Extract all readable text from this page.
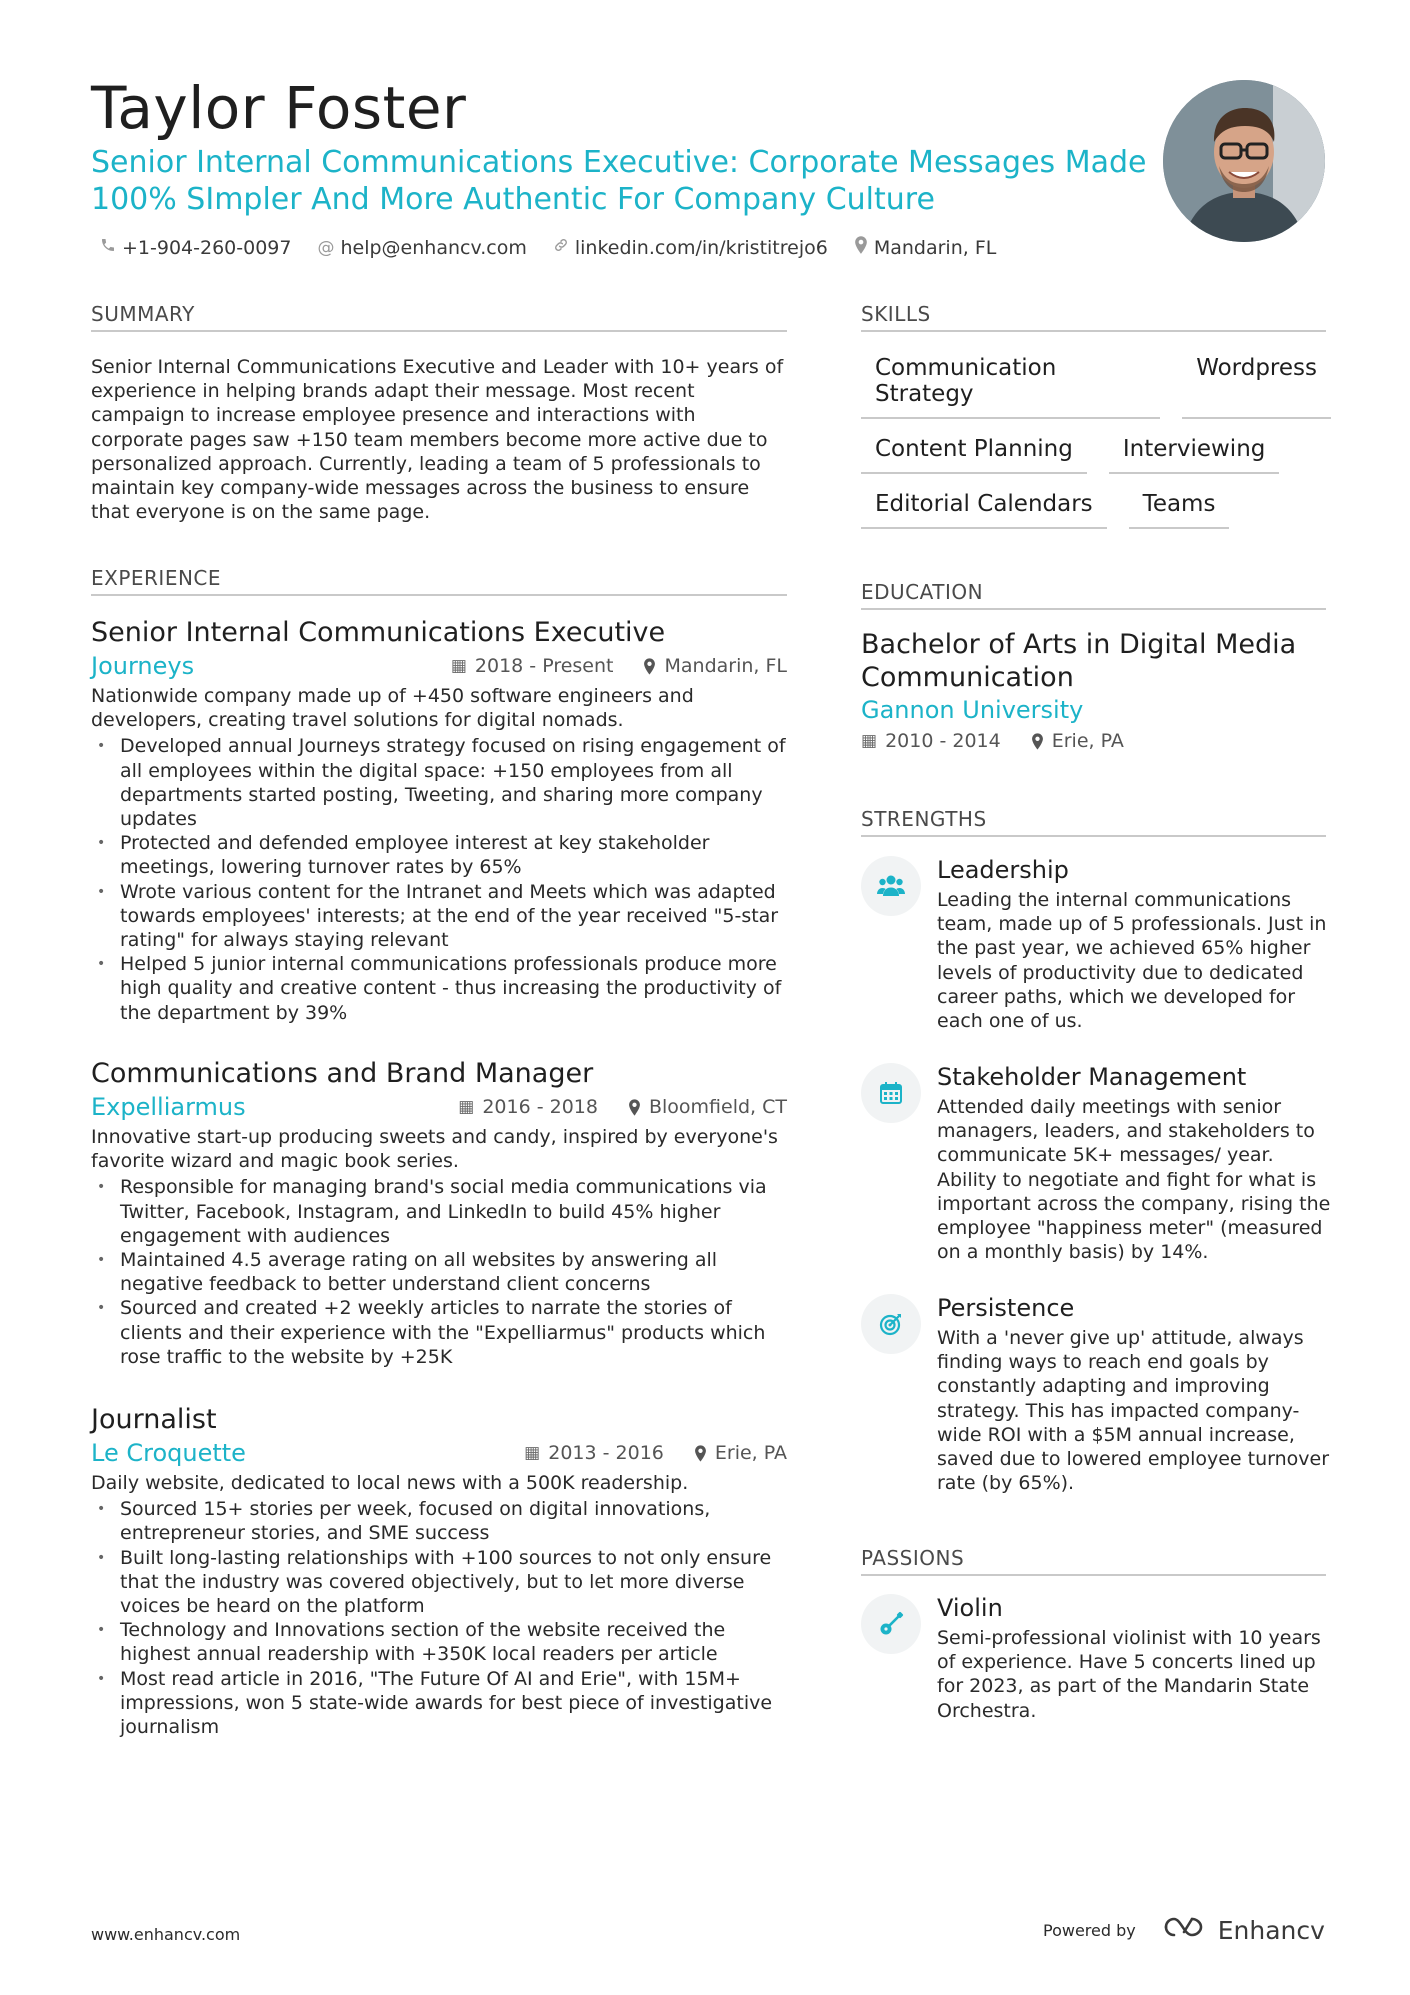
Taylor Foster
Senior Internal Communications Executive: Corporate Messages Made 100% SImpler And More Authentic For Company Culture
+1-904-260-0097 @ help@enhancv.com	linkedin.com/in/kristitrejo6 Mandarin, FL
SUMMARY
Senior Internal Communications Executive and Leader with 10+ years of experience in helping brands adapt their message. Most recent campaign to increase employee presence and interactions with corporate pages saw +150 team members become more active due to personalized approach. Currently, leading a team of 5 professionals to maintain key company-wide messages across the business to ensure that everyone is on the same page.
EXPERIENCE
Senior Internal Communications Executive
Journeys	▦ 2018 - Present	Mandarin, FL
Nationwide company made up of +450 software engineers and developers, creating travel solutions for digital nomads.
• Developed annual Journeys strategy focused on rising engagement of all employees within the digital space: +150 employees from all departments started posting, Tweeting, and sharing more company updates
• Protected and defended employee interest at key stakeholder meetings, lowering turnover rates by 65%
• Wrote various content for the Intranet and Meets which was adapted towards employees' interests; at the end of the year received "5-star rating" for always staying relevant
• Helped 5 junior internal communications professionals produce more high quality and creative content - thus increasing the productivity of the department by 39%
Communications and Brand Manager
Expelliarmus	▦ 2016 - 2018	Bloomfield, CT
Innovative start-up producing sweets and candy, inspired by everyone's favorite wizard and magic book series.
• Responsible for managing brand's social media communications via Twitter, Facebook, Instagram, and LinkedIn to build 45% higher engagement with audiences
• Maintained 4.5 average rating on all websites by answering all negative feedback to better understand client concerns
• Sourced and created +2 weekly articles to narrate the stories of clients and their experience with the "Expelliarmus" products which rose traffic to the website by +25K
Journalist
Le Croquette	▦ 2013 - 2016	Erie, PA
Daily website, dedicated to local news with a 500K readership.
• Sourced 15+ stories per week, focused on digital innovations, entrepreneur stories, and SME success
• Built long-lasting relationships with +100 sources to not only ensure that the industry was covered objectively, but to let more diverse voices be heard on the platform
• Technology and Innovations section of the website received the highest annual readership with +350K local readers per article
• Most read article in 2016, "The Future Of AI and Erie", with 15M+ impressions, won 5 state-wide awards for best piece of investigative journalism
SKILLS
Communication Strategy
Wordpress
Content Planning	Interviewing
Editorial Calendars	Teams
EDUCATION
Bachelor of Arts in Digital Media Communication
Gannon University
▦ 2010 - 2014	Erie, PA
STRENGTHS
Leadership
Leading the internal communications team, made up of 5 professionals. Just in the past year, we achieved 65% higher levels of productivity due to dedicated career paths, which we developed for each one of us.
Stakeholder Management
Attended daily meetings with senior managers, leaders, and stakeholders to communicate 5K+ messages/ year. Ability to negotiate and fight for what is important across the company, rising the employee "happiness meter" (measured on a monthly basis) by 14%.
Persistence
With a 'never give up' attitude, always finding ways to reach end goals by constantly adapting and improving strategy. This has impacted company-wide ROI with a $5M annual increase, saved due to lowered employee turnover rate (by 65%).
PASSIONS
Violin
Semi-professional violinist with 10 years of experience. Have 5 concerts lined up for 2023, as part of the Mandarin State Orchestra.
www.enhancv.com	Powered by	Enhancv
